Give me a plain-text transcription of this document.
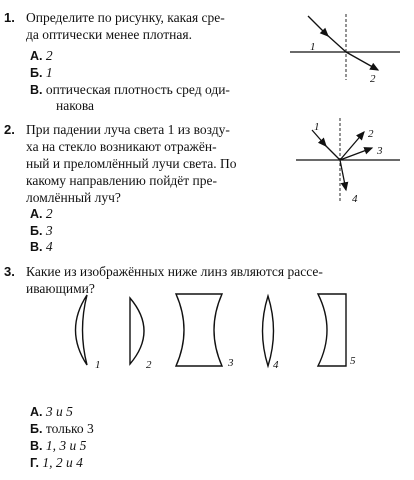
1. Определите по рисунку, какая сре-
да оптически менее плотная.
А. 2
Б. 1
В. оптическая плотность сред оди-
накова
2. При падении луча света 1 из возду-
ха на стекло возникают отражён-
ный и преломлённый лучи света. По
какому направлению пойдёт пре-
ломлённый луч?
А. 2
Б. 3
В. 4
3. Какие из изображённых ниже линз являются рассе-
ивающими?
А. 3 и 5
Б. только 3
В. 1, 3 и 5
Г. 1, 2 и 4
1
2
1
2
3
4
1	2	3	4	5
